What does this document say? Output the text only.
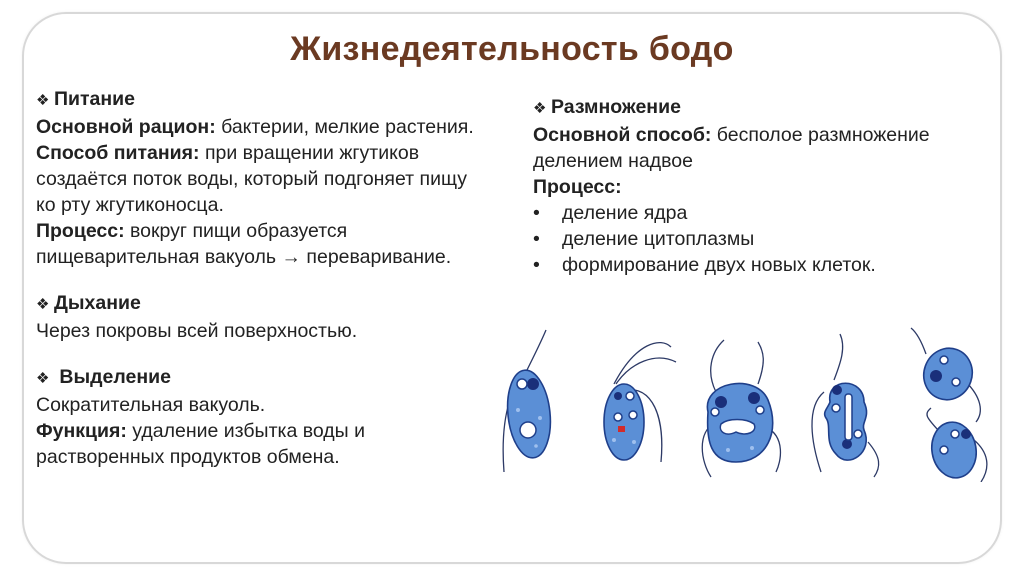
Жизнедеятельность бодо

❖ Питание

Основной рацион: бактерии, мелкие растения.

Способ питания: при вращении жгутиков создаётся поток воды, который подгоняет пищу ко рту жгутиконосца.

Процесс: вокруг пищи образуется пищеварительная вакуоль → переваривание.

❖ Дыхание

Через покровы всей поверхностью.

❖ Выделение

Сократительная вакуоль.

Функция: удаление избытка воды и растворенных продуктов обмена.

❖ Размножение

Основной способ: бесполое размножение делением надвое

Процесс:

• деление ядра
• деление цитоплазмы
• формирование двух новых клеток.
